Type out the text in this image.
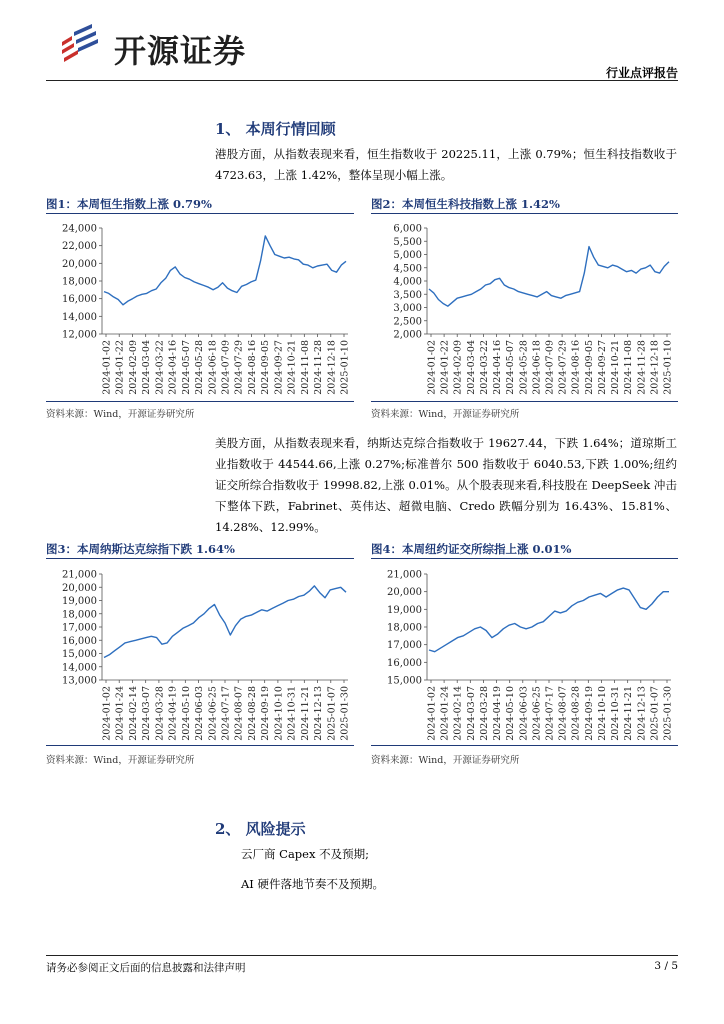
开源证券
行业点评报告
1、 本周行情回顾
港股方面，从指数表现来看，恒生指数收于 20225.11，上涨 0.79%；恒生科技指数收于 4723.63，上涨 1.42%，整体呈现小幅上涨。
图1：本周恒生指数上涨 0.79%
12,000
14,000
16,000
18,000
20,000
22,000
24,000
2024-01-02 2024-01-22 2024-02-09 2024-03-04 2024-03-22 2024-04-16 2024-05-07 2024-05-28 2024-06-18 2024-07-09 2024-07-29 2024-08-16 2024-09-05 2024-09-27 2024-10-21 2024-11-08 2024-11-28 2024-12-18 2025-01-10
资料来源：Wind，开源证券研究所
图2：本周恒生科技指数上涨 1.42%
2,000
2,500
3,000
3,500
4,000
4,500
5,000
5,500
6,000
2024-01-02 2024-01-22 2024-02-09 2024-03-04 2024-03-22 2024-04-16 2024-05-07 2024-05-28 2024-06-18 2024-07-09 2024-07-29 2024-08-16 2024-09-05 2024-09-27 2024-10-21 2024-11-08 2024-11-28 2024-12-18 2025-01-10
资料来源：Wind，开源证券研究所
美股方面，从指数表现来看，纳斯达克综合指数收于 19627.44，下跌 1.64%；道琼斯工业指数收于 44544.66,上涨 0.27%;标准普尔 500 指数收于 6040.53,下跌 1.00%;纽约证交所综合指数收于 19998.82,上涨 0.01%。从个股表现来看,科技股在 DeepSeek 冲击下整体下跌，Fabrinet、英伟达、超微电脑、Credo 跌幅分别为 16.43%、15.81%、14.28%、12.99%。
图3：本周纳斯达克综指下跌 1.64%
13,000
14,000
15,000
16,000
17,000
18,000
19,000
20,000
21,000
2024-01-02 2024-01-24 2024-02-14 2024-03-07 2024-03-28 2024-04-19 2024-05-10 2024-06-03 2024-06-25 2024-07-17 2024-08-07 2024-08-28 2024-09-19 2024-10-10 2024-10-31 2024-11-21 2024-12-13 2025-01-07 2025-01-30
资料来源：Wind，开源证券研究所
图4：本周纽约证交所综指上涨 0.01%
15,000
16,000
17,000
18,000
19,000
20,000
21,000
2024-01-02 2024-01-24 2024-02-14 2024-03-07 2024-03-28 2024-04-19 2024-05-10 2024-06-03 2024-06-25 2024-07-17 2024-08-07 2024-08-28 2024-09-19 2024-10-10 2024-10-31 2024-11-21 2024-12-13 2025-01-07 2025-01-30
资料来源：Wind，开源证券研究所
2、 风险提示
云厂商 Capex 不及预期;
AI 硬件落地节奏不及预期。
请务必参阅正文后面的信息披露和法律声明	3 / 5
